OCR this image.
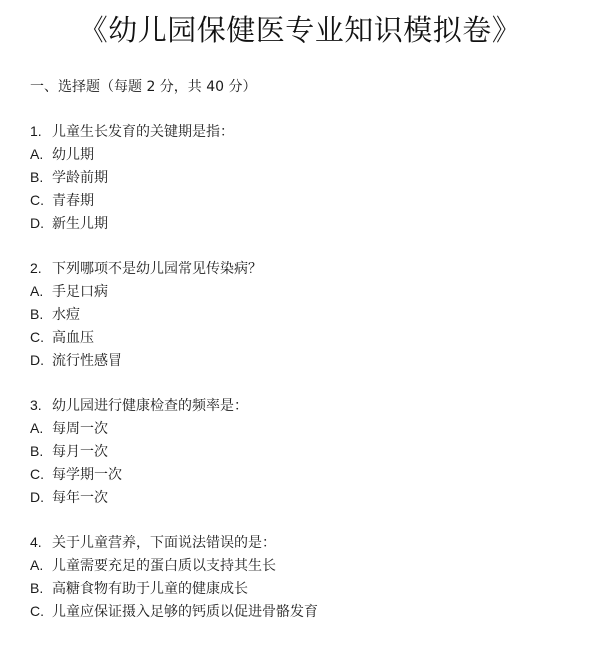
《幼儿园保健医专业知识模拟卷》
一、选择题（每题 2 分，共 40 分）
1. 儿童生长发育的关键期是指：
A. 幼儿期
B. 学龄前期
C. 青春期
D. 新生儿期
2. 下列哪项不是幼儿园常见传染病？
A. 手足口病
B. 水痘
C. 高血压
D. 流行性感冒
3. 幼儿园进行健康检查的频率是：
A. 每周一次
B. 每月一次
C. 每学期一次
D. 每年一次
4. 关于儿童营养，下面说法错误的是：
A. 儿童需要充足的蛋白质以支持其生长
B. 高糖食物有助于儿童的健康成长
C. 儿童应保证摄入足够的钙质以促进骨骼发育
